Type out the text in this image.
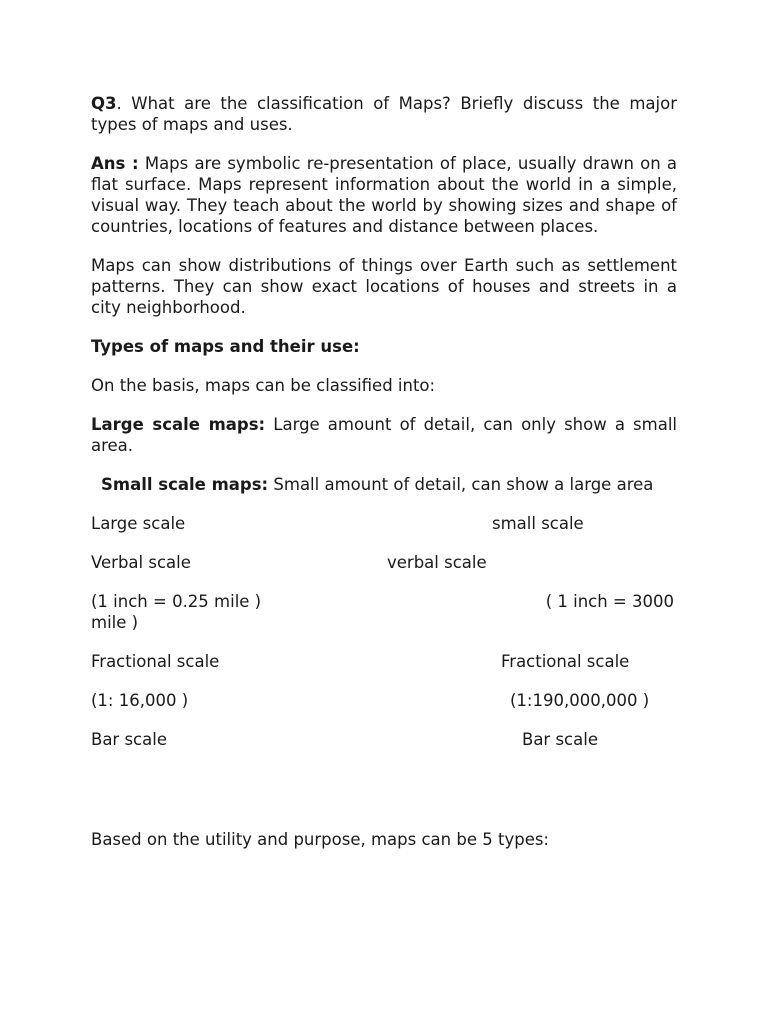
Q3. What are the classification of Maps? Briefly discuss the major types of maps and uses.

Ans : Maps are symbolic re-presentation of place, usually drawn on a flat surface. Maps represent information about the world in a simple, visual way. They teach about the world by showing sizes and shape of countries, locations of features and distance between places.

Maps can show distributions of things over Earth such as settlement patterns. They can show exact locations of houses and streets in a city neighborhood.

Types of maps and their use:

On the basis, maps can be classified into:

Large scale maps: Large amount of detail, can only show a small area.

Small scale maps: Small amount of detail, can show a large area

Large scale	small scale
Verbal scale	verbal scale
(1 inch = 0.25 mile )	( 1 inch = 3000
mile )
Fractional scale	Fractional scale
(1: 16,000 )	(1:190,000,000 )
Bar scale	Bar scale

Based on the utility and purpose, maps can be 5 types:
